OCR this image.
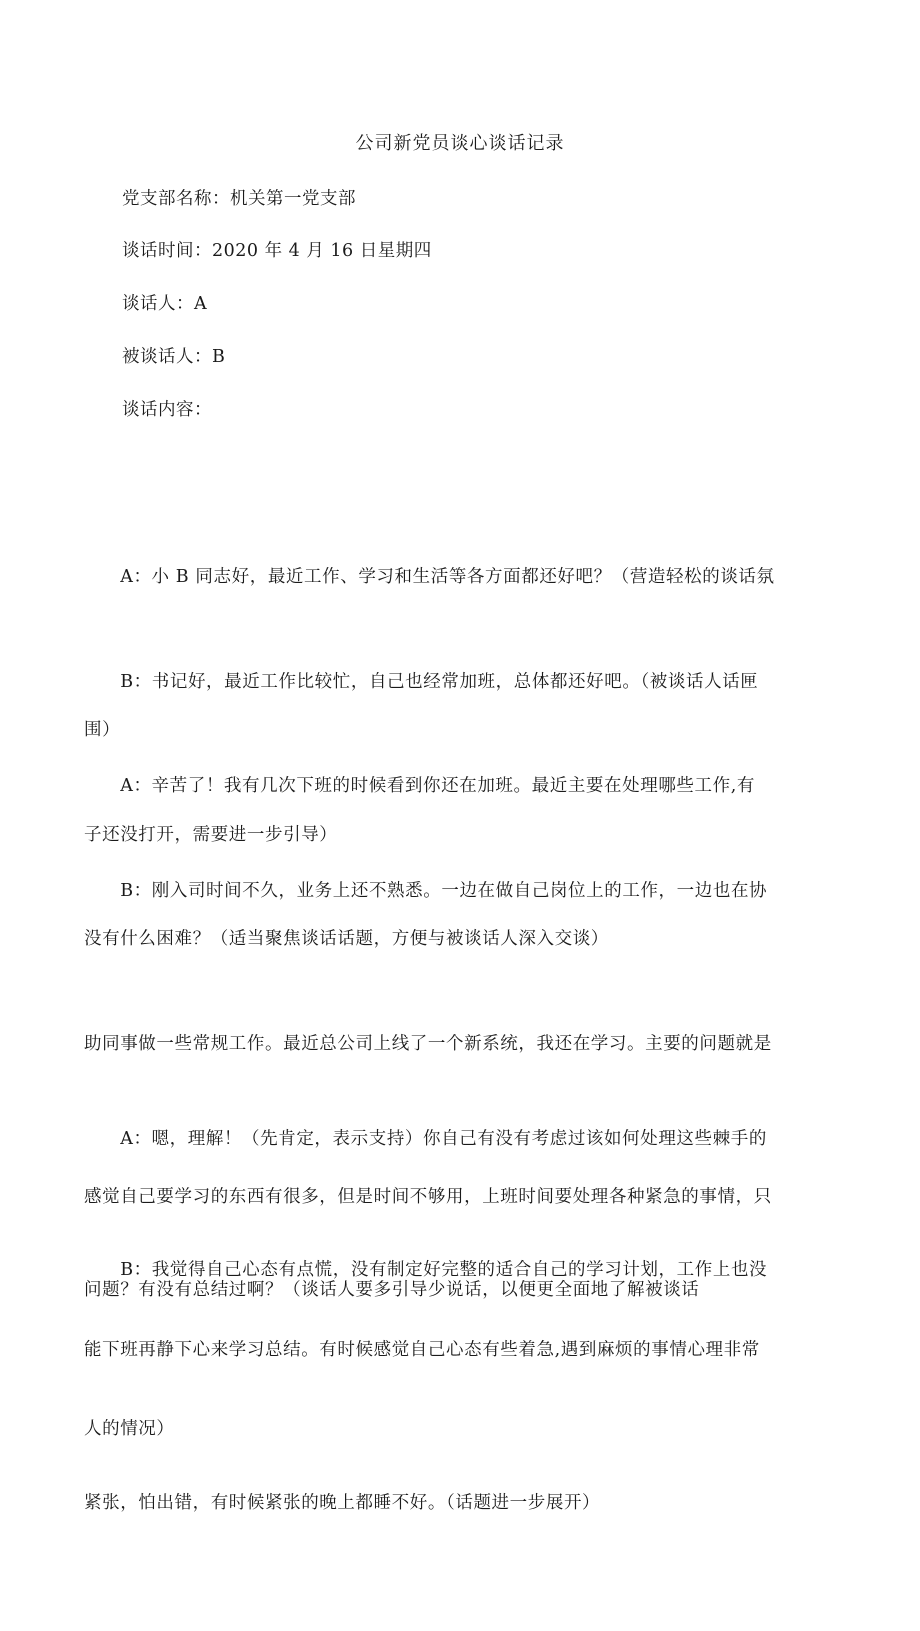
公司新党员谈心谈话记录
党支部名称：机关第一党支部
谈话时间：2020 年 4 月 16 日星期四
谈话人：A
被谈话人：B
谈话内容：

　　A：小 B 同志好，最近工作、学习和生活等各方面都还好吧？（营造轻松的谈话氛

围）

　　B：书记好，最近工作比较忙，自己也经常加班，总体都还好吧。（被谈话人话匣

子还没打开，需要进一步引导）

　　A：辛苦了！我有几次下班的时候看到你还在加班。最近主要在处理哪些工作,有

没有什么困难？（适当聚焦谈话话题，方便与被谈话人深入交谈）

　　B：刚入司时间不久，业务上还不熟悉。一边在做自己岗位上的工作，一边也在协

助同事做一些常规工作。最近总公司上线了一个新系统，我还在学习。主要的问题就是

感觉自己要学习的东西有很多，但是时间不够用，上班时间要处理各种紧急的事情，只

能下班再静下心来学习总结。有时候感觉自己心态有些着急,遇到麻烦的事情心理非常

紧张，怕出错，有时候紧张的晚上都睡不好。（话题进一步展开）

　　A：嗯，理解！（先肯定，表示支持）你自己有没有考虑过该如何处理这些棘手的

问题？有没有总结过啊？（谈话人要多引导少说话，以便更全面地了解被谈话

人的情况）

　　B：我觉得自己心态有点慌，没有制定好完整的适合自己的学习计划，工作上也没
